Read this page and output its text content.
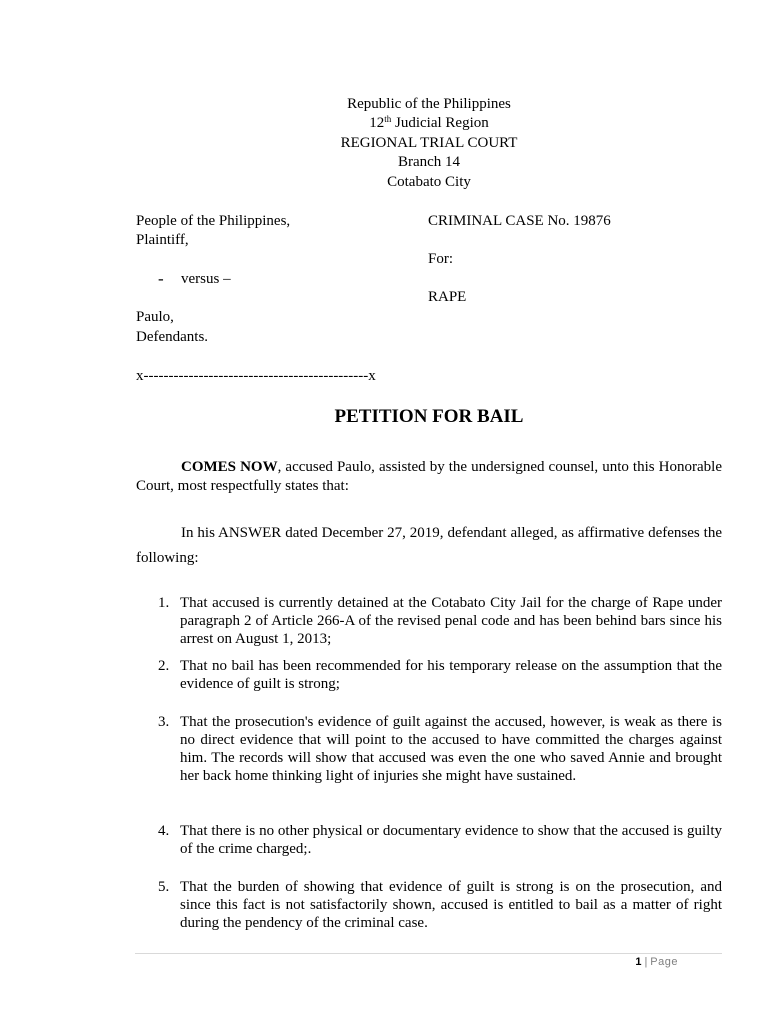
Republic of the Philippines
12th Judicial Region
REGIONAL TRIAL COURT
Branch 14
Cotabato City
People of the Philippines,
Plaintiff,
CRIMINAL CASE No. 19876
For:
- versus –
RAPE
Paulo,
Defendants.
x---------------------------------------------x
PETITION FOR BAIL
COMES NOW, accused Paulo, assisted by the undersigned counsel, unto this Honorable Court, most respectfully states that:
In his ANSWER dated December 27, 2019, defendant alleged, as affirmative defenses the following:
1. That accused is currently detained at the Cotabato City Jail for the charge of Rape under paragraph 2 of Article 266-A of the revised penal code and has been behind bars since his arrest on August 1, 2013;
2. That no bail has been recommended for his temporary release on the assumption that the evidence of guilt is strong;
3. That the prosecution's evidence of guilt against the accused, however, is weak as there is no direct evidence that will point to the accused to have committed the charges against him. The records will show that accused was even the one who saved Annie and brought her back home thinking light of injuries she might have sustained.
4. That there is no other physical or documentary evidence to show that the accused is guilty of the crime charged;.
5. That the burden of showing that evidence of guilt is strong is on the prosecution, and since this fact is not satisfactorily shown, accused is entitled to bail as a matter of right during the pendency of the criminal case.
1 | Page
